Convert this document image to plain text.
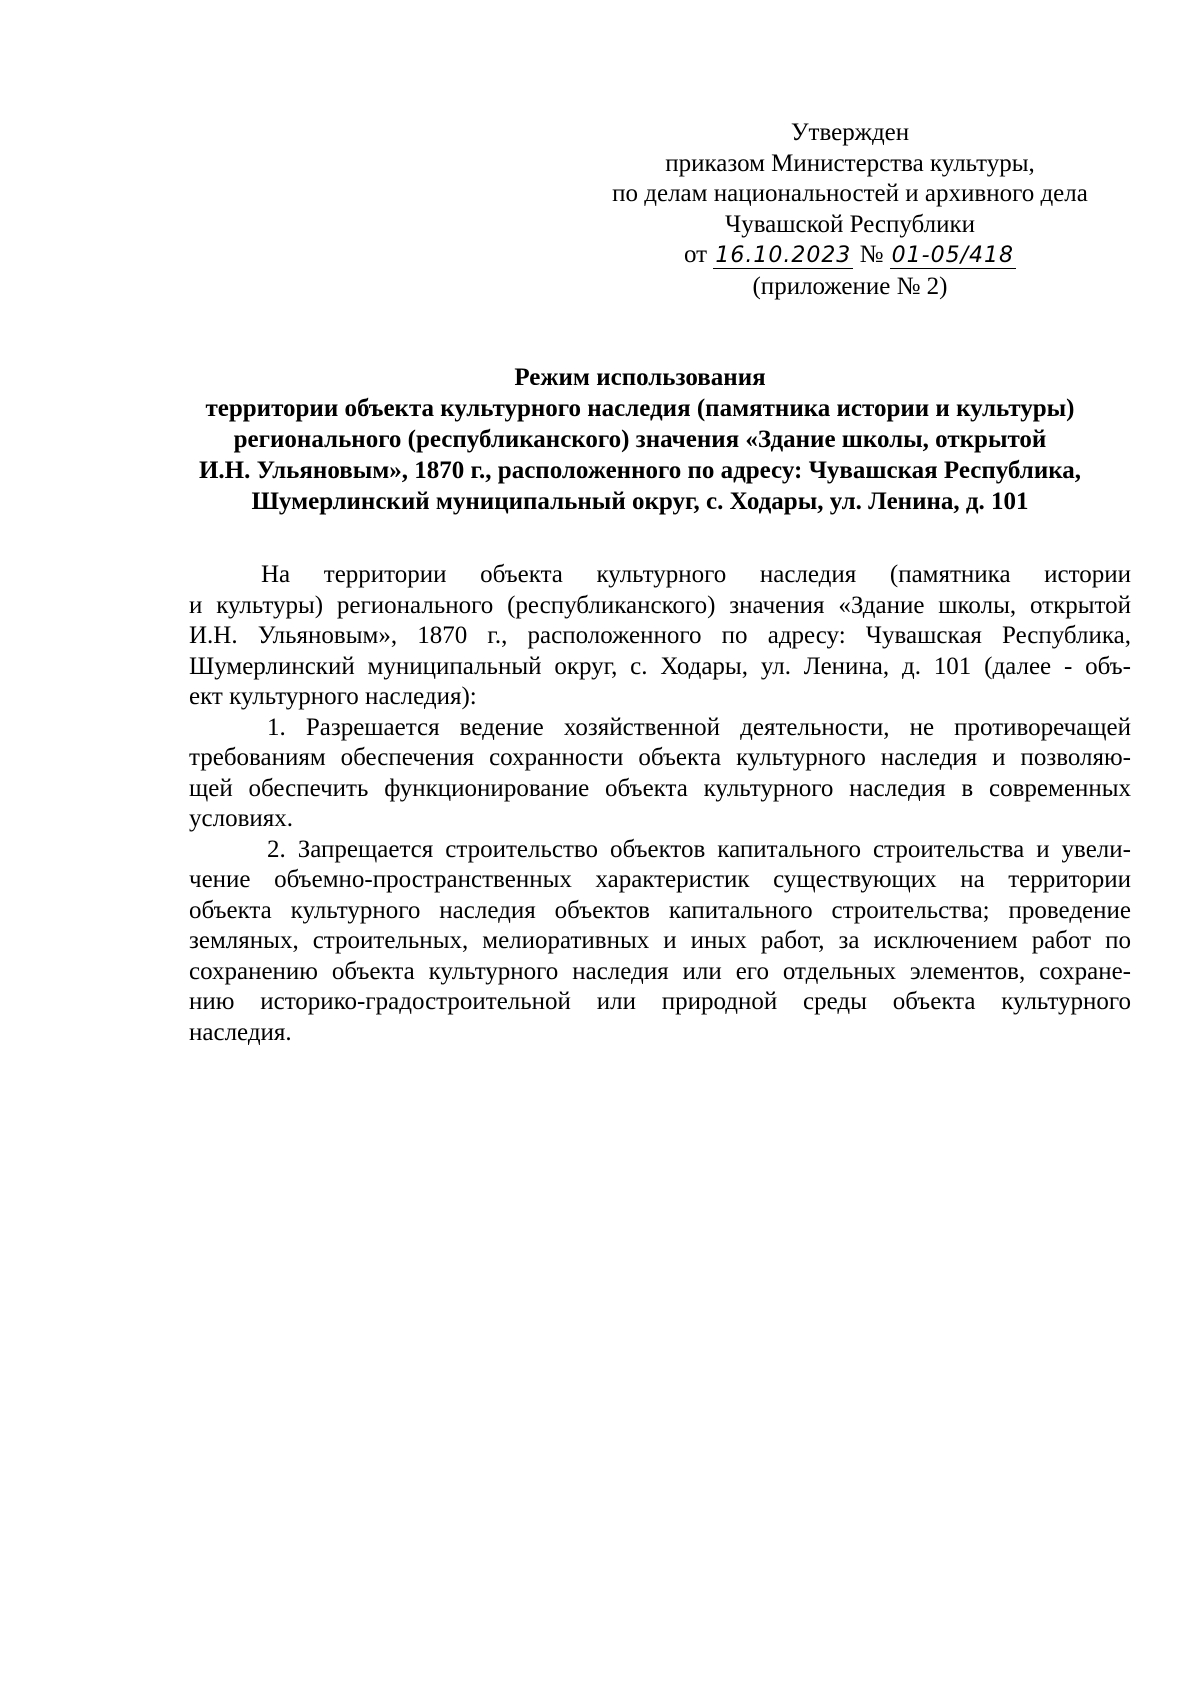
Утвержден
приказом Министерства культуры,
по делам национальностей и архивного дела
Чувашской Республики
от 16.10.2023 № 01-05/418
(приложение № 2)
Режим использования
территории объекта культурного наследия (памятника истории и культуры)
регионального (республиканского) значения «Здание школы, открытой
И.Н. Ульяновым», 1870 г., расположенного по адресу: Чувашская Республика,
Шумерлинский муниципальный округ, с. Ходары, ул. Ленина, д. 101
На территории объекта культурного наследия (памятника истории
и культуры) регионального (республиканского) значения «Здание школы, открытой
И.Н. Ульяновым», 1870 г., расположенного по адресу: Чувашская Республика,
Шумерлинский муниципальный округ, с. Ходары, ул. Ленина, д. 101 (далее - объ-
ект культурного наследия):
1. Разрешается ведение хозяйственной деятельности, не противоречащей
требованиям обеспечения сохранности объекта культурного наследия и позволяю-
щей обеспечить функционирование объекта культурного наследия в современных
условиях.
2. Запрещается строительство объектов капитального строительства и увели-
чение объемно-пространственных характеристик существующих на территории
объекта культурного наследия объектов капитального строительства; проведение
земляных, строительных, мелиоративных и иных работ, за исключением работ по
сохранению объекта культурного наследия или его отдельных элементов, сохране-
нию историко-градостроительной или природной среды объекта культурного
наследия.
